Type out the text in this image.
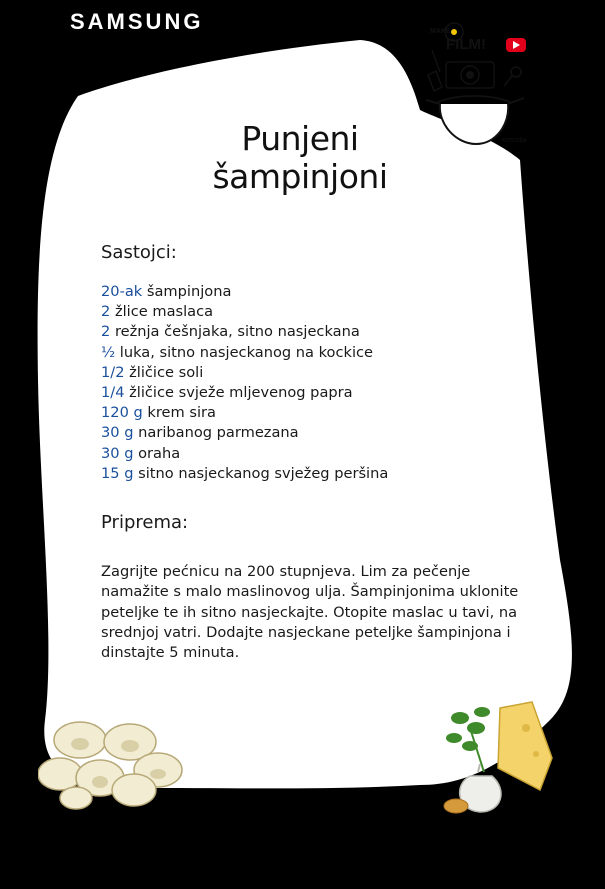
SAMSUNG	MAKE
FILM!
KOTLOŠA
Punjeni šampinjoni
Sastojci:
20-ak šampinjona
2 žlice maslaca
2 režnja češnjaka, sitno nasjeckana
½ luka, sitno nasjeckanog na kockice
1/2 žličice soli
1/4 žličice svježe mljevenog papra
120 g krem sira
30 g naribanog parmezana
30 g oraha
15 g sitno nasjeckanog svježeg peršina
Priprema:

Zagrijte pećnicu na 200 stupnjeva. Lim za pečenje namažite s malo maslinovog ulja. Šampinjonima uklonite peteljke te ih sitno nasjeckajte. Otopite maslac u tavi, na srednjoj vatri. Dodajte nasjeckane peteljke šampinjona i dinstajte 5 minuta.
